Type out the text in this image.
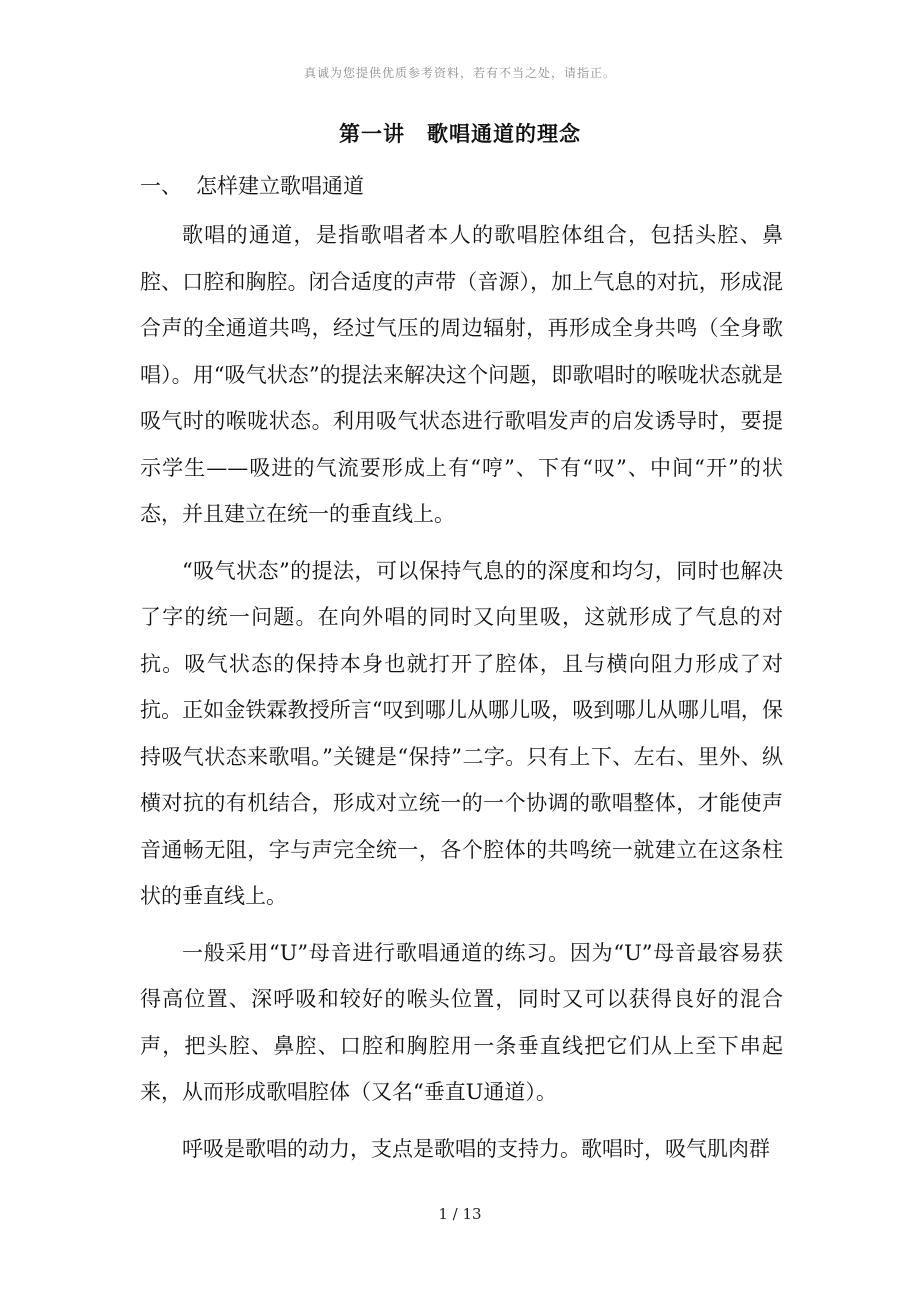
真诚为您提供优质参考资料，若有不当之处，请指正。
第一讲　歌唱通道的理念
一、 怎样建立歌唱通道

歌唱的通道，是指歌唱者本人的歌唱腔体组合，包括头腔、鼻腔、口腔和胸腔。闭合适度的声带（音源），加上气息的对抗，形成混合声的全通道共鸣，经过气压的周边辐射，再形成全身共鸣（全身歌唱）。用“吸气状态”的提法来解决这个问题，即歌唱时的喉咙状态就是吸气时的喉咙状态。利用吸气状态进行歌唱发声的启发诱导时，要提示学生——吸进的气流要形成上有“哼”、下有“叹”、中间“开”的状态，并且建立在统一的垂直线上。

“吸气状态”的提法，可以保持气息的的深度和均匀，同时也解决了字的统一问题。在向外唱的同时又向里吸，这就形成了气息的对抗。吸气状态的保持本身也就打开了腔体，且与横向阻力形成了对抗。正如金铁霖教授所言“叹到哪儿从哪儿吸，吸到哪儿从哪儿唱，保持吸气状态来歌唱。”关键是“保持”二字。只有上下、左右、里外、纵横对抗的有机结合，形成对立统一的一个协调的歌唱整体，才能使声音通畅无阻，字与声完全统一，各个腔体的共鸣统一就建立在这条柱状的垂直线上。

一般采用“U”母音进行歌唱通道的练习。因为“U”母音最容易获得高位置、深呼吸和较好的喉头位置，同时又可以获得良好的混合声，把头腔、鼻腔、口腔和胸腔用一条垂直线把它们从上至下串起来，从而形成歌唱腔体（又名“垂直U通道）。

呼吸是歌唱的动力，支点是歌唱的支持力。歌唱时，吸气肌肉群

1 / 13
